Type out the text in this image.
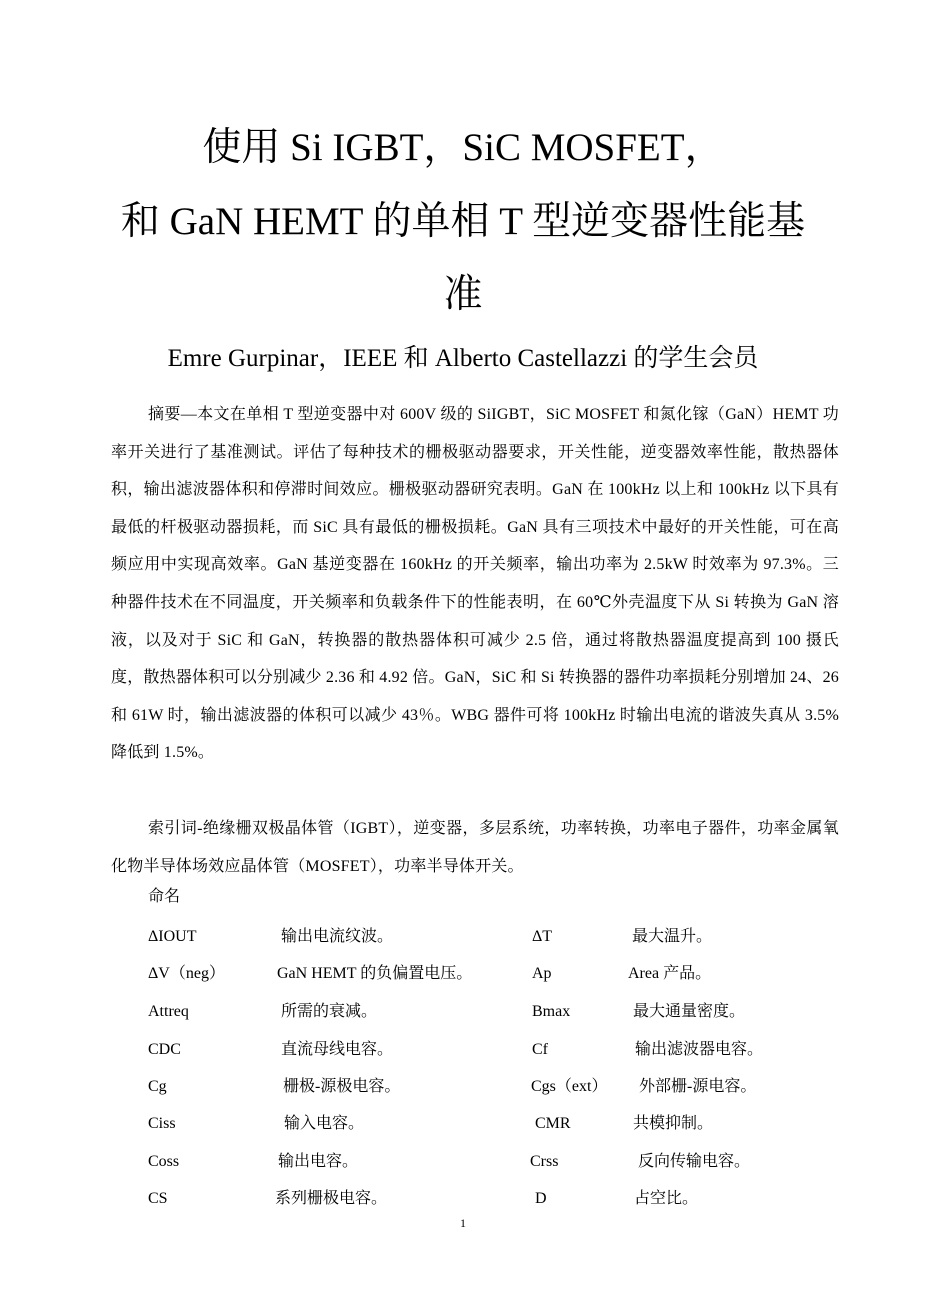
使用 Si IGBT，SiC MOSFET，
和 GaN HEMT 的单相 T 型逆变器性能基
准
Emre Gurpinar，IEEE 和 Alberto Castellazzi 的学生会员

摘要—本文在单相 T 型逆变器中对 600V 级的 SiIGBT，SiC MOSFET 和氮化镓（GaN）HEMT 功率开关进行了基准测试。评估了每种技术的栅极驱动器要求，开关性能，逆变器效率性能，散热器体积，输出滤波器体积和停滞时间效应。栅极驱动器研究表明。GaN 在 100kHz 以上和 100kHz 以下具有最低的杆极驱动器损耗，而 SiC 具有最低的栅极损耗。GaN 具有三项技术中最好的开关性能，可在高频应用中实现高效率。GaN 基逆变器在 160kHz 的开关频率，输出功率为 2.5kW 时效率为 97.3%。三种器件技术在不同温度，开关频率和负载条件下的性能表明，在 60℃外壳温度下从 Si 转换为 GaN 溶液，以及对于 SiC 和 GaN，转换器的散热器体积可减少 2.5 倍，通过将散热器温度提高到 100 摄氏度，散热器体积可以分别减少 2.36 和 4.92 倍。GaN，SiC 和 Si 转换器的器件功率损耗分别增加 24、26 和 61W 时，输出滤波器的体积可以减少 43％。WBG 器件可将 100kHz 时输出电流的谐波失真从 3.5%降低到 1.5%。

索引词-绝缘栅双极晶体管（IGBT），逆变器，多层系统，功率转换，功率电子器件，功率金属氧化物半导体场效应晶体管（MOSFET），功率半导体开关。

命名

ΔIOUT	输出电流纹波。	ΔT	最大温升。
ΔV（neg）	GaN HEMT 的负偏置电压。	Ap	Area 产品。
Attreq	所需的衰减。	Bmax	最大通量密度。
CDC	直流母线电容。	Cf	输出滤波器电容。
Cg	栅极-源极电容。	Cgs（ext） 外部栅-源电容。
Ciss	输入电容。	CMR	共模抑制。
Coss	输出电容。	Crss	反向传输电容。
CS	系列栅极电容。	D	占空比。
1
